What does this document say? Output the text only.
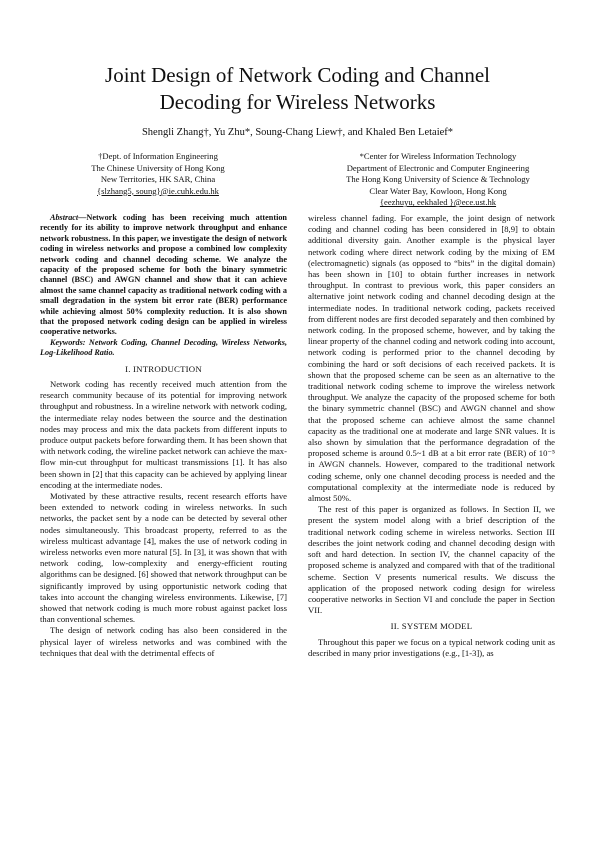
Joint Design of Network Coding and Channel
Decoding for Wireless Networks
Shengli Zhang†, Yu Zhu*, Soung-Chang Liew†, and Khaled Ben Letaief*
†Dept. of Information Engineering
The Chinese University of Hong Kong
New Territories, HK SAR, China
{slzhang5, soung}@ie.cuhk.edu.hk
*Center for Wireless Information Technology
Department of Electronic and Computer Engineering
The Hong Kong University of Science & Technology
Clear Water Bay, Kowloon, Hong Kong
{eezhuyu, eekhaled }@ece.ust.hk

Abstract—Network coding has been receiving much attention recently for its ability to improve network throughput and enhance network robustness. In this paper, we investigate the design of network coding in wireless networks and propose a combined low complexity network coding and channel decoding scheme. We analyze the capacity of the proposed scheme for both the binary symmetric channel (BSC) and AWGN channel and show that it can achieve almost the same channel capacity as traditional network coding with a small degradation in the system bit error rate (BER) performance while achieving almost 50% complexity reduction. It is also shown that the proposed network coding design can be applied in wireless cooperative networks.

Keywords: Network Coding, Channel Decoding, Wireless Networks, Log-Likelihood Ratio.

I. INTRODUCTION

Network coding has recently received much attention from the research community because of its potential for improving network throughput and robustness. In a wireline network with network coding, the intermediate relay nodes between the source and the destination nodes may process and mix the data packets from different inputs to produce output packets before forwarding them. It has been shown that with network coding, the wireline packet network can achieve the max-flow min-cut throughput for multicast transmissions [1]. It has also been shown in [2] that this capacity can be achieved by applying linear encoding at the intermediate nodes.

Motivated by these attractive results, recent research efforts have been extended to network coding in wireless networks. In such networks, the packet sent by a node can be detected by several other nodes simultaneously. This broadcast property, referred to as the wireless multicast advantage [4], makes the use of network coding in wireless networks even more natural [5]. In [3], it was shown that with network coding, low-complexity and energy-efficient routing algorithms can be designed. [6] showed that network throughput can be significantly improved by using opportunistic network coding that takes into account the changing wireless environments. Likewise, [7] showed that network coding is much more robust against packet loss than conventional schemes.

The design of network coding has also been considered in the physical layer of wireless networks and was combined with the techniques that deal with the detrimental effects of

wireless channel fading. For example, the joint design of network coding and channel coding has been considered in [8,9] to obtain additional diversity gain. Another example is the physical layer network coding where direct network coding by the mixing of EM (electromagnetic) signals (as opposed to “bits” in the digital domain) has been shown in [10] to obtain further increases in network throughput. In contrast to previous work, this paper considers an alternative joint network coding and channel decoding design at the intermediate nodes. In traditional network coding, packets received from different nodes are first decoded separately and then combined by network coding. In the proposed scheme, however, and by taking the linear property of the channel coding and network coding into account, network coding is performed prior to the channel decoding by combining the hard or soft decisions of each received packets. It is shown that the proposed scheme can be seen as an alternative to the traditional network coding scheme to improve the wireless network throughput. We analyze the capacity of the proposed scheme for both the binary symmetric channel (BSC) and AWGN channel and show that the proposed scheme can achieve almost the same channel capacity as the traditional one at moderate and large SNR values. It is also shown by simulation that the performance degradation of the proposed scheme is around 0.5~1 dB at a bit error rate (BER) of 10⁻⁵ in AWGN channels. However, compared to the traditional network coding scheme, only one channel decoding process is needed and the computational complexity at the intermediate node is reduced by almost 50%.

The rest of this paper is organized as follows. In Section II, we present the system model along with a brief description of the traditional network coding scheme in wireless networks. Section III describes the joint network coding and channel decoding design with soft and hard detection. In section IV, the channel capacity of the proposed scheme is analyzed and compared with that of the traditional scheme. Section V presents numerical results. We discuss the application of the proposed network coding design for wireless cooperative networks in Section VI and conclude the paper in Section VII.

II. SYSTEM MODEL

Throughout this paper we focus on a typical network coding unit as described in many prior investigations (e.g., [1-3]), as
